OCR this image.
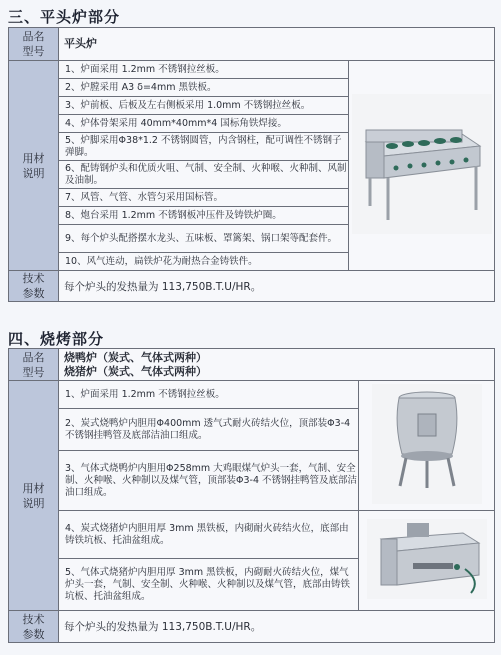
三、平头炉部分
品名
型号	平头炉	

用材
说明	1、炉面采用 1.2mm 不锈钢拉丝板。	
	2、炉膛采用 A3 δ=4mm 黑铁板。	
	3、炉前板、后板及左右侧板采用 1.0mm 不锈钢拉丝板。	
	4、炉体骨架采用 40mm*40mm*4 国标角铁焊接。	
	5、炉脚采用Φ38*1.2 不锈钢圆管，内含钢柱，配可调性不锈钢子弹脚。	
	6、配铸钢炉头和优质火咀、气制、安全制、火种喉、火种制、风制及油制。	
	7、风管、气管、水管匀采用国标管。	
	8、炮台采用 1.2mm 不锈钢板冲压件及铸铁炉圈。	
	9、每个炉头配搭摆水龙头、五味板、罩篱架、锅口架等配套件。	
	10、风气连动，扁铁炉花为耐热合金铸铁件。	

技术
参数	每个炉头的发热量为 113,750B.T.U/HR。	
四、烧烤部分
品名
型号	烧鸭炉（炭式、气体式两种）
烧猪炉（炭式、气体式两种）	

用材
说明	1、炉面采用 1.2mm 不锈钢拉丝板。	
	2、炭式烧鸭炉内胆用Φ400mm 透气式耐火砖结火位，顶部装Φ3-4 不锈钢挂鸭管及底部洁油口组成。	
	3、气体式烧鸭炉内胆用Φ258mm 大鸡眼煤气炉头一套，气制、安全制、火种喉、火种制以及煤气管，顶部装Φ3-4 不锈钢挂鸭管及底部洁油口组成。	
	4、炭式烧猪炉内胆用厚 3mm 黑铁板，内砌耐火砖结火位，底部由铸铁坑板、托油盆组成。	
	5、气体式烧猪炉内胆用厚 3mm 黑铁板，内砌耐火砖结火位，煤气炉头一套，气制、安全制、火种喉、火种制以及煤气管，底部由铸铁坑板、托油盆组成。	

技术
参数	每个炉头的发热量为 113,750B.T.U/HR。	
